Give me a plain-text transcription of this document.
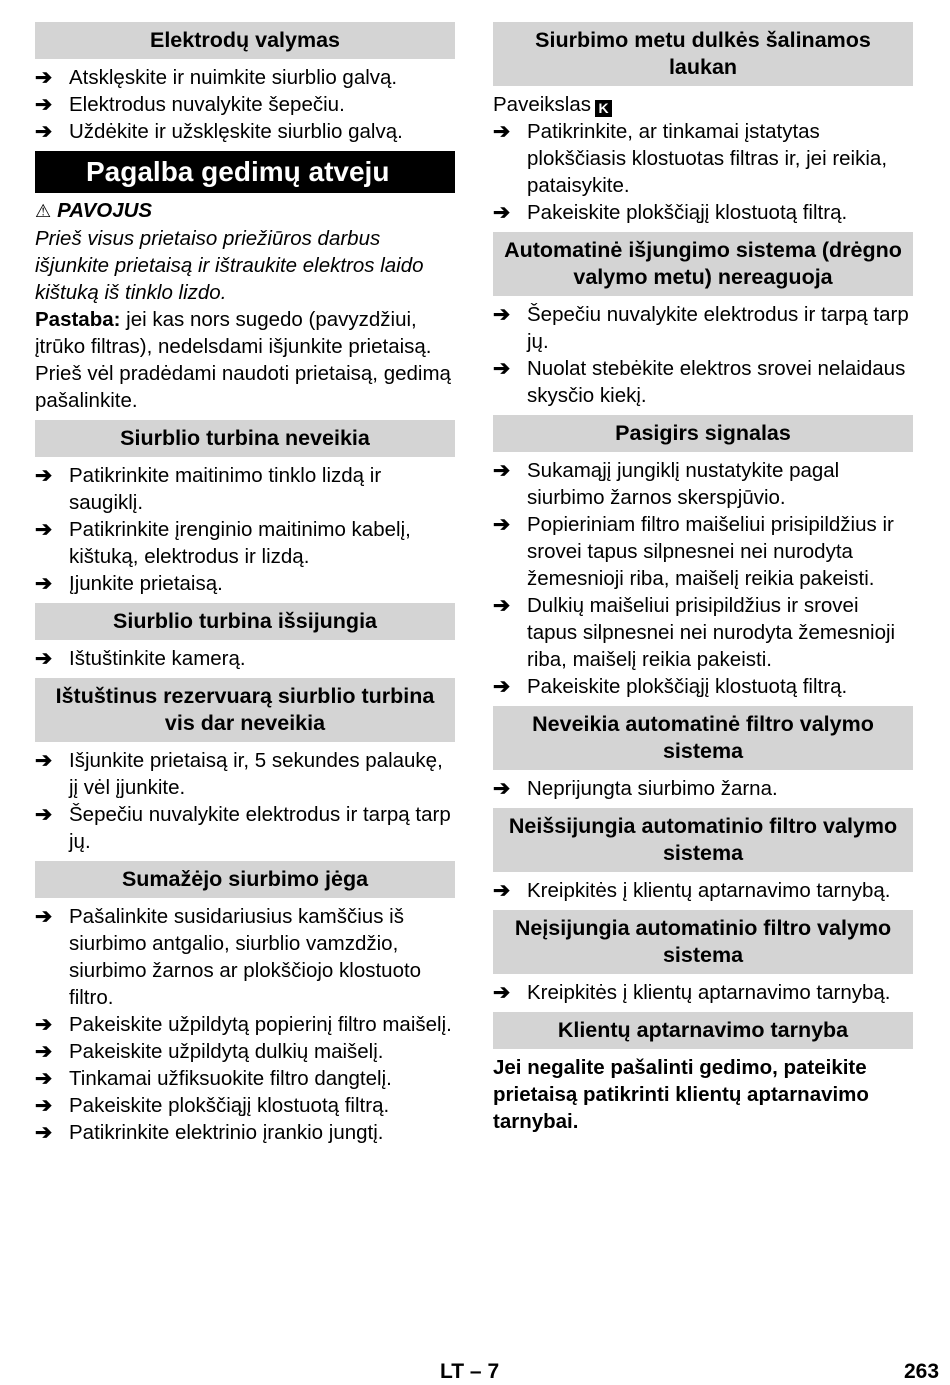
Elektrodų valymas
➔ Atsklęskite ir nuimkite siurblio galvą.
➔ Elektrodus nuvalykite šepečiu.
➔ Uždėkite ir užsklęskite siurblio galvą.
Pagalba gedimų atveju
⚠ PAVOJUS
Prieš visus prietaiso priežiūros darbus išjunkite prietaisą ir ištraukite elektros laido kištuką iš tinklo lizdo.
Pastaba: jei kas nors sugedo (pavyzdžiui, įtrūko filtras), nedelsdami išjunkite prietaisą. Prieš vėl pradėdami naudoti prietaisą, gedimą pašalinkite.
Siurblio turbina neveikia
➔ Patikrinkite maitinimo tinklo lizdą ir saugiklį.
➔ Patikrinkite įrenginio maitinimo kabelį, kištuką, elektrodus ir lizdą.
➔ Įjunkite prietaisą.
Siurblio turbina išsijungia
➔ Ištuštinkite kamerą.
Ištuštinus rezervuarą siurblio turbina vis dar neveikia
➔ Išjunkite prietaisą ir, 5 sekundes palaukę, jį vėl įjunkite.
➔ Šepečiu nuvalykite elektrodus ir tarpą tarp jų.
Sumažėjo siurbimo jėga
➔ Pašalinkite susidariusius kamščius iš siurbimo antgalio, siurblio vamzdžio, siurbimo žarnos ar plokščiojo klostuoto filtro.
➔ Pakeiskite užpildytą popierinį filtro maišelį.
➔ Pakeiskite užpildytą dulkių maišelį.
➔ Tinkamai užfiksuokite filtro dangtelį.
➔ Pakeiskite plokščiąjį klostuotą filtrą.
➔ Patikrinkite elektrinio įrankio jungtį.
Siurbimo metu dulkės šalinamos laukan
Paveikslas K
➔ Patikrinkite, ar tinkamai įstatytas plokščiasis klostuotas filtras ir, jei reikia, pataisykite.
➔ Pakeiskite plokščiąjį klostuotą filtrą.
Automatinė išjungimo sistema (drėgno valymo metu) nereaguoja
➔ Šepečiu nuvalykite elektrodus ir tarpą tarp jų.
➔ Nuolat stebėkite elektros srovei nelaidaus skysčio kiekį.
Pasigirs signalas
➔ Sukamąjį jungiklį nustatykite pagal siurbimo žarnos skerspjūvio.
➔ Popieriniam filtro maišeliui prisipildžius ir srovei tapus silpnesnei nei nurodyta žemesnioji riba, maišelį reikia pakeisti.
➔ Dulkių maišeliui prisipildžius ir srovei tapus silpnesnei nei nurodyta žemesnioji riba, maišelį reikia pakeisti.
➔ Pakeiskite plokščiąjį klostuotą filtrą.
Neveikia automatinė filtro valymo sistema
➔ Neprijungta siurbimo žarna.
Neišsijungia automatinio filtro valymo sistema
➔ Kreipkitės į klientų aptarnavimo tarnybą.
Neįsijungia automatinio filtro valymo sistema
➔ Kreipkitės į klientų aptarnavimo tarnybą.
Klientų aptarnavimo tarnyba
Jei negalite pašalinti gedimo, pateikite prietaisą patikrinti klientų aptarnavimo tarnybai.
LT – 7	263
